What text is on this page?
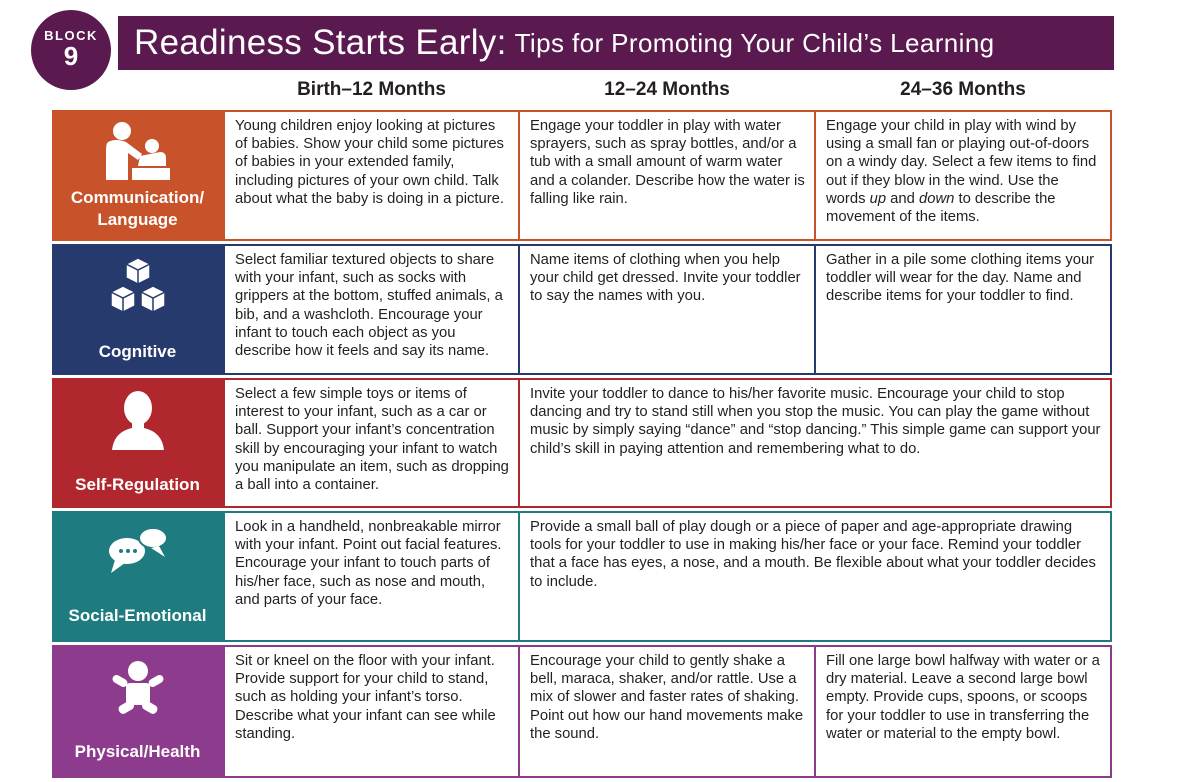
BLOCK
9 Readiness Starts Early: Tips for Promoting Your Child’s Learning
Birth–12 Months	12–24 Months	24–36 Months
Communication/
Language
Young children enjoy looking at pictures of babies. Show your child some pictures of babies in your extended family, including pictures of your own child. Talk about what the baby is doing in a picture.
Engage your toddler in play with water sprayers, such as spray bottles, and/or a tub with a small amount of warm water and a colander. Describe how the water is falling like rain.
Engage your child in play with wind by using a small fan or playing out-of-doors on a windy day. Select a few items to find out if they blow in the wind. Use the words up and down to describe the movement of the items.
Cognitive
Select familiar textured objects to share with your infant, such as socks with grippers at the bottom, stuffed animals, a bib, and a washcloth. Encourage your infant to touch each object as you describe how it feels and say its name.
Name items of clothing when you help your child get dressed. Invite your toddler to say the names with you.
Gather in a pile some clothing items your toddler will wear for the day. Name and describe items for your toddler to find.
Self-Regulation
Select a few simple toys or items of interest to your infant, such as a car or ball. Support your infant’s concentration skill by encouraging your infant to watch you manipulate an item, such as dropping a ball into a container.
Invite your toddler to dance to his/her favorite music. Encourage your child to stop dancing and try to stand still when you stop the music. You can play the game without music by simply saying “dance” and “stop dancing.” This simple game can support your child’s skill in paying attention and remembering what to do.
Social-Emotional
Look in a handheld, nonbreakable mirror with your infant. Point out facial features. Encourage your infant to touch parts of his/her face, such as nose and mouth, and parts of your face.
Provide a small ball of play dough or a piece of paper and age-appropriate drawing tools for your toddler to use in making his/her face or your face. Remind your toddler that a face has eyes, a nose, and a mouth. Be flexible about what your toddler decides to include.
Physical/Health
Sit or kneel on the floor with your infant. Provide support for your child to stand, such as holding your infant’s torso. Describe what your infant can see while standing.
Encourage your child to gently shake a bell, maraca, shaker, and/or rattle. Use a mix of slower and faster rates of shaking. Point out how our hand movements make the sound.
Fill one large bowl halfway with water or a dry material. Leave a second large bowl empty. Provide cups, spoons, or scoops for your toddler to use in transferring the water or material to the empty bowl.
